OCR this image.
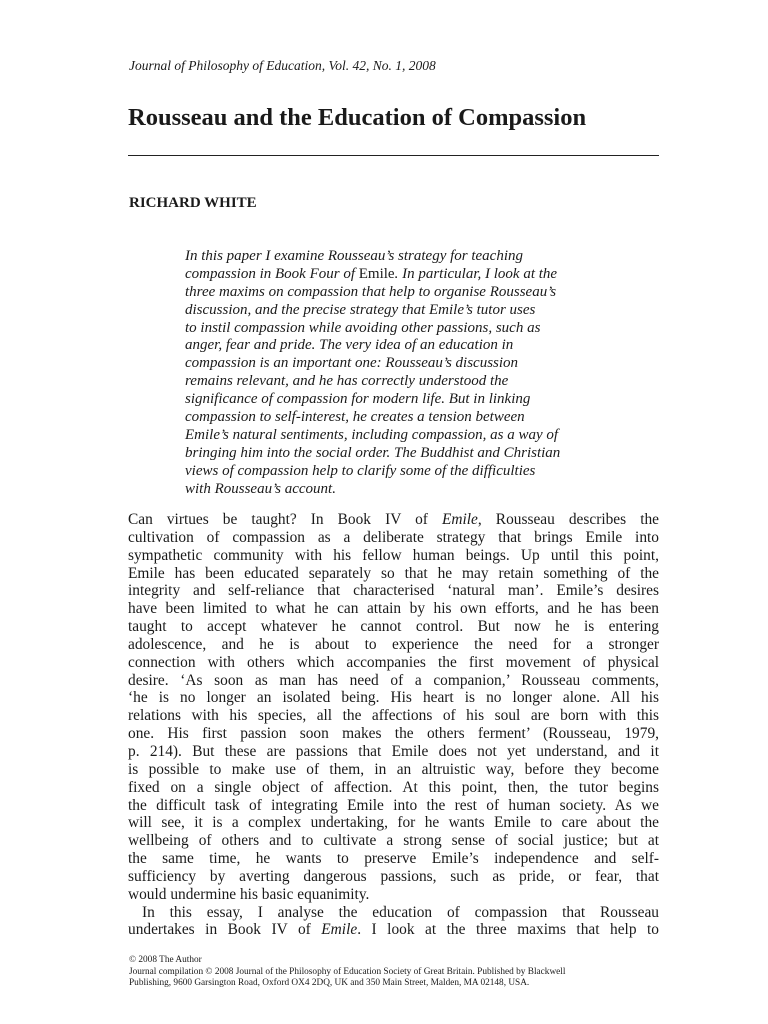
Journal of Philosophy of Education, Vol. 42, No. 1, 2008
Rousseau and the Education of Compassion
RICHARD WHITE
In this paper I examine Rousseau’s strategy for teaching
compassion in Book Four of Emile. In particular, I look at the
three maxims on compassion that help to organise Rousseau’s
discussion, and the precise strategy that Emile’s tutor uses
to instil compassion while avoiding other passions, such as
anger, fear and pride. The very idea of an education in
compassion is an important one: Rousseau’s discussion
remains relevant, and he has correctly understood the
significance of compassion for modern life. But in linking
compassion to self-interest, he creates a tension between
Emile’s natural sentiments, including compassion, as a way of
bringing him into the social order. The Buddhist and Christian
views of compassion help to clarify some of the difficulties
with Rousseau’s account.
Can virtues be taught? In Book IV of Emile, Rousseau describes the
cultivation of compassion as a deliberate strategy that brings Emile into
sympathetic community with his fellow human beings. Up until this point,
Emile has been educated separately so that he may retain something of the
integrity and self-reliance that characterised ‘natural man’. Emile’s desires
have been limited to what he can attain by his own efforts, and he has been
taught to accept whatever he cannot control. But now he is entering
adolescence, and he is about to experience the need for a stronger
connection with others which accompanies the first movement of physical
desire. ‘As soon as man has need of a companion,’ Rousseau comments,
‘he is no longer an isolated being. His heart is no longer alone. All his
relations with his species, all the affections of his soul are born with this
one. His first passion soon makes the others ferment’ (Rousseau, 1979,
p. 214). But these are passions that Emile does not yet understand, and it
is possible to make use of them, in an altruistic way, before they become
fixed on a single object of affection. At this point, then, the tutor begins
the difficult task of integrating Emile into the rest of human society. As we
will see, it is a complex undertaking, for he wants Emile to care about the
wellbeing of others and to cultivate a strong sense of social justice; but at
the same time, he wants to preserve Emile’s independence and self-
sufficiency by averting dangerous passions, such as pride, or fear, that
would undermine his basic equanimity.
In this essay, I analyse the education of compassion that Rousseau
undertakes in Book IV of Emile. I look at the three maxims that help to
© 2008 The Author
Journal compilation © 2008 Journal of the Philosophy of Education Society of Great Britain. Published by Blackwell
Publishing, 9600 Garsington Road, Oxford OX4 2DQ, UK and 350 Main Street, Malden, MA 02148, USA.
